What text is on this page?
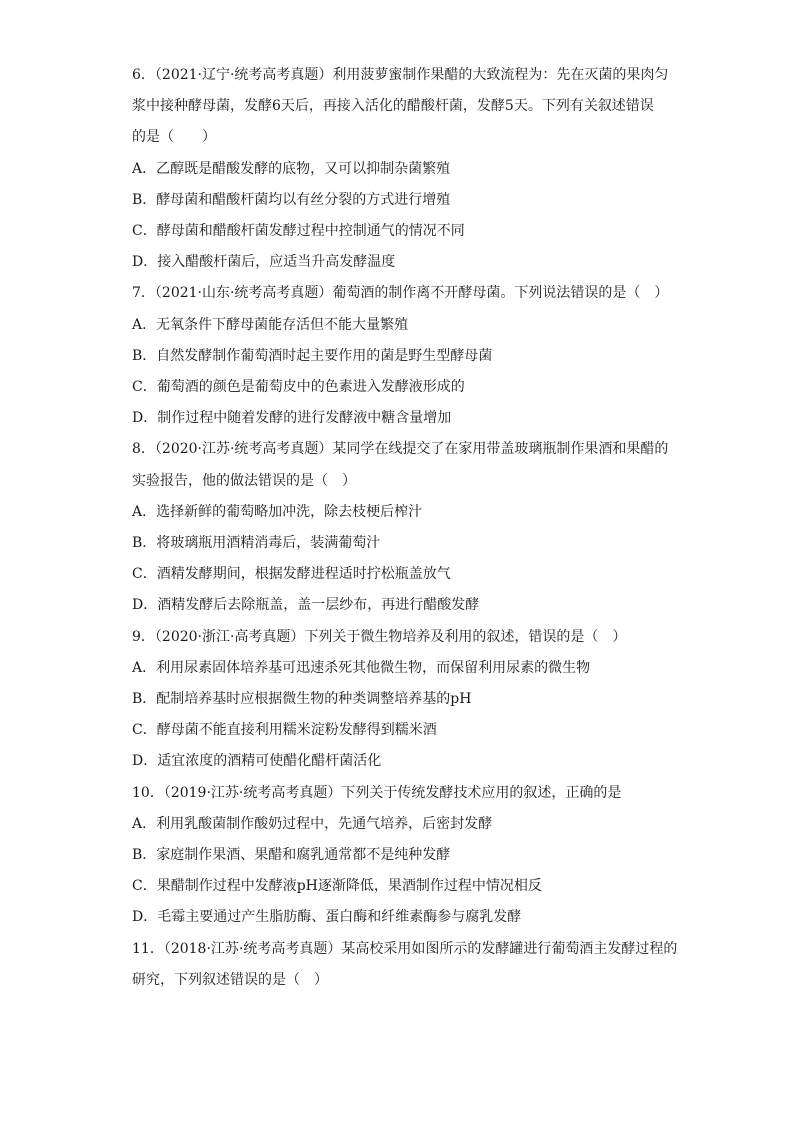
6．（2021·辽宁·统考高考真题）利用菠萝蜜制作果醋的大致流程为：先在灭菌的果肉匀
浆中接种酵母菌，发酵6天后，再接入活化的醋酸杆菌，发酵5天。下列有关叙述错误
的是（　　）
A．乙醇既是醋酸发酵的底物，又可以抑制杂菌繁殖
B．酵母菌和醋酸杆菌均以有丝分裂的方式进行增殖
C．酵母菌和醋酸杆菌发酵过程中控制通气的情况不同
D．接入醋酸杆菌后，应适当升高发酵温度
7．（2021·山东·统考高考真题）葡萄酒的制作离不开酵母菌。下列说法错误的是（　）
A．无氧条件下酵母菌能存活但不能大量繁殖
B．自然发酵制作葡萄酒时起主要作用的菌是野生型酵母菌
C．葡萄酒的颜色是葡萄皮中的色素进入发酵液形成的
D．制作过程中随着发酵的进行发酵液中糖含量增加
8．（2020·江苏·统考高考真题）某同学在线提交了在家用带盖玻璃瓶制作果酒和果醋的
实验报告，他的做法错误的是（　）
A．选择新鲜的葡萄略加冲洗，除去枝梗后榨汁
B．将玻璃瓶用酒精消毒后，装满葡萄汁
C．酒精发酵期间，根据发酵进程适时拧松瓶盖放气
D．酒精发酵后去除瓶盖，盖一层纱布，再进行醋酸发酵
9．（2020·浙江·高考真题）下列关于微生物培养及利用的叙述，错误的是（　）
A．利用尿素固体培养基可迅速杀死其他微生物，而保留利用尿素的微生物
B．配制培养基时应根据微生物的种类调整培养基的pH
C．酵母菌不能直接利用糯米淀粉发酵得到糯米酒
D．适宜浓度的酒精可使醋化醋杆菌活化
10．（2019·江苏·统考高考真题）下列关于传统发酵技术应用的叙述，正确的是
A．利用乳酸菌制作酸奶过程中，先通气培养，后密封发酵
B．家庭制作果酒、果醋和腐乳通常都不是纯种发酵
C．果醋制作过程中发酵液pH逐渐降低，果酒制作过程中情况相反
D．毛霉主要通过产生脂肪酶、蛋白酶和纤维素酶参与腐乳发酵
11．（2018·江苏·统考高考真题）某高校采用如图所示的发酵罐进行葡萄酒主发酵过程的
研究，下列叙述错误的是（　）
